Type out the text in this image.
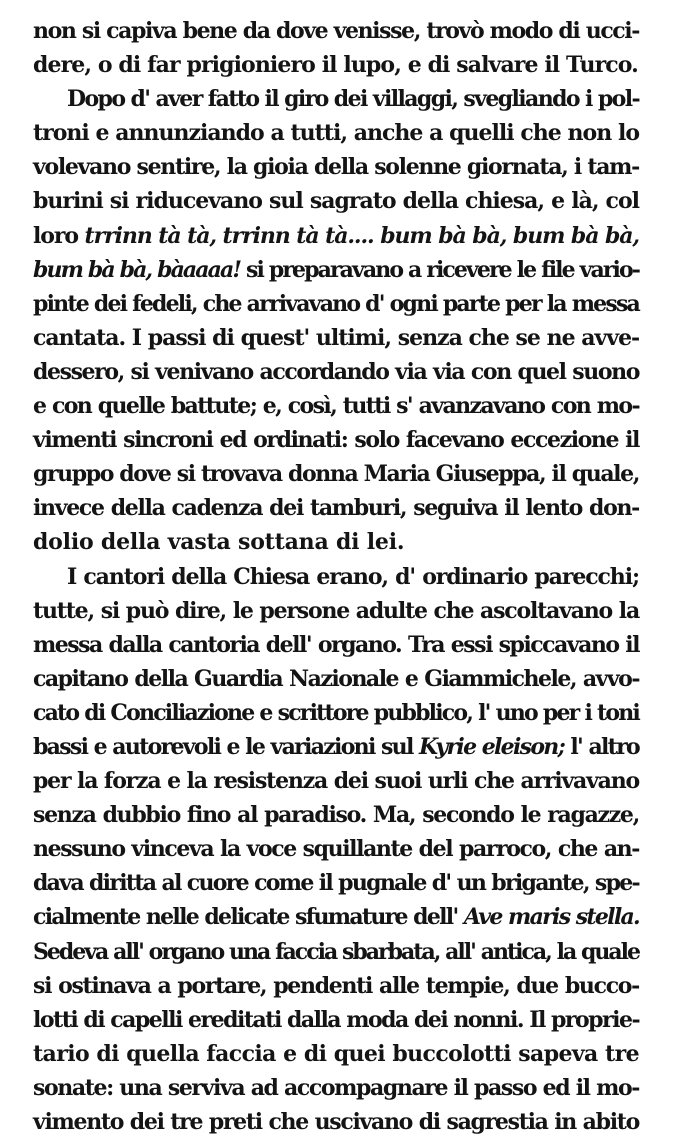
non si capiva bene da dove venisse, trovò modo di ucci-
dere, o di far prigioniero il lupo, e di salvare il Turco.
Dopo d' aver fatto il giro dei villaggi, svegliando i pol-
troni e annunziando a tutti, anche a quelli che non lo
volevano sentire, la gioia della solenne giornata, i tam-
burini si riducevano sul sagrato della chiesa, e là, col
loro trrinn tà tà, trrinn tà tà.... bum bà bà, bum bà bà,
bum bà bà, bàaaaa! si preparavano a ricevere le file vario-
pinte dei fedeli, che arrivavano d' ogni parte per la messa
cantata. I passi di quest' ultimi, senza che se ne avve-
dessero, si venivano accordando via via con quel suono
e con quelle battute; e, così, tutti s' avanzavano con mo-
vimenti sincroni ed ordinati: solo facevano eccezione il
gruppo dove si trovava donna Maria Giuseppa, il quale,
invece della cadenza dei tamburi, seguiva il lento don-
dolio della vasta sottana di lei.
I cantori della Chiesa erano, d' ordinario parecchi;
tutte, si può dire, le persone adulte che ascoltavano la
messa dalla cantoria dell' organo. Tra essi spiccavano il
capitano della Guardia Nazionale e Giammichele, avvo-
cato di Conciliazione e scrittore pubblico, l' uno per i toni
bassi e autorevoli e le variazioni sul Kyrie eleison; l' altro
per la forza e la resistenza dei suoi urli che arrivavano
senza dubbio fino al paradiso. Ma, secondo le ragazze,
nessuno vinceva la voce squillante del parroco, che an-
dava diritta al cuore come il pugnale d' un brigante, spe-
cialmente nelle delicate sfumature dell' Ave maris stella.
Sedeva all' organo una faccia sbarbata, all' antica, la quale
si ostinava a portare, pendenti alle tempie, due bucco-
lotti di capelli ereditati dalla moda dei nonni. Il proprie-
tario di quella faccia e di quei buccolotti sapeva tre
sonate: una serviva ad accompagnare il passo ed il mo-
vimento dei tre preti che uscivano di sagrestia in abito
